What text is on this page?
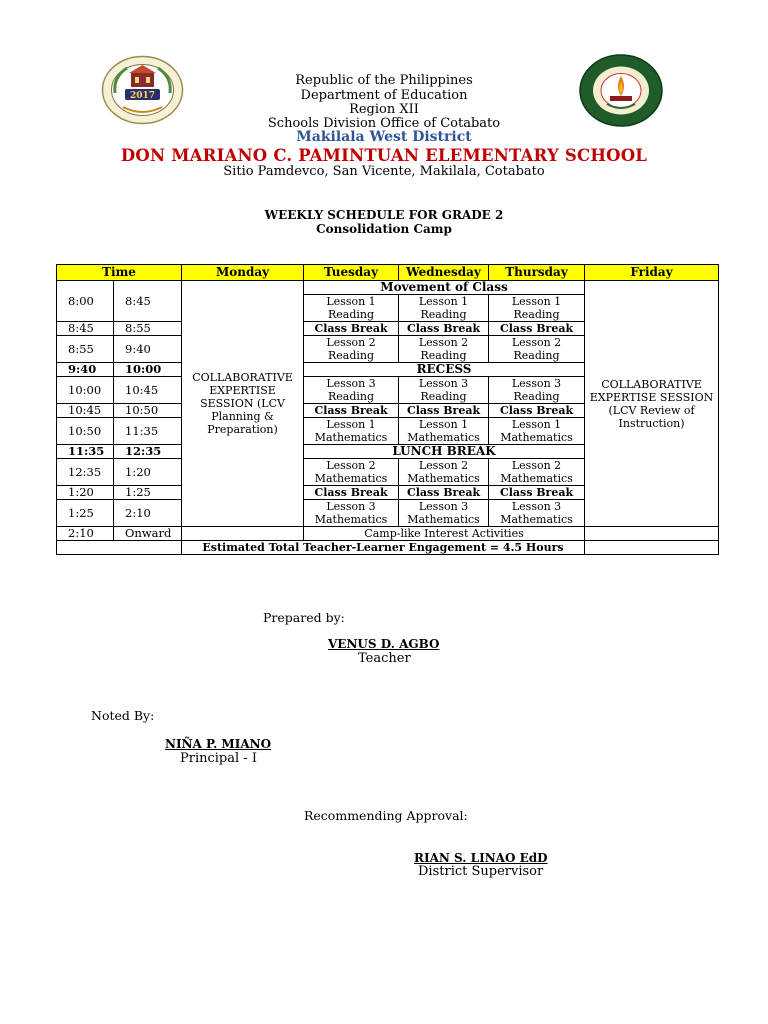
2017
Republic of the Philippines
Department of Education
Region XII
Schools Division Office of Cotabato
Makilala West District
DON MARIANO C. PAMINTUAN ELEMENTARY SCHOOL
Sitio Pamdevco, San Vicente, Makilala, Cotabato
WEEKLY SCHEDULE FOR GRADE 2
Consolidation Camp
Time		Monday	Tuesday	Wednesday	Thursday	Friday
8:00	8:45	COLLABORATIVE EXPERTISE SESSION (LCV Planning & Preparation)	Movement of Class			COLLABORATIVE EXPERTISE SESSION (LCV Review of Instruction)
			Lesson 1 Reading	Lesson 1 Reading	Lesson 1 Reading	
8:45	8:55		Class Break	Class Break	Class Break	
8:55	9:40		Lesson 2 Reading	Lesson 2 Reading	Lesson 2 Reading	
9:40	10:00		RECESS			
10:00	10:45		Lesson 3 Reading	Lesson 3 Reading	Lesson 3 Reading	
10:45	10:50		Class Break	Class Break	Class Break	
10:50	11:35		Lesson 1 Mathematics	Lesson 1 Mathematics	Lesson 1 Mathematics	
11:35	12:35		LUNCH BREAK			
12:35	1:20		Lesson 2 Mathematics	Lesson 2 Mathematics	Lesson 2 Mathematics	
1:20	1:25		Class Break	Class Break	Class Break	
1:25	2:10		Lesson 3 Mathematics	Lesson 3 Mathematics	Lesson 3 Mathematics	
2:10	Onward		Camp-like Interest Activities			
		Estimated Total Teacher-Learner Engagement = 4.5 Hours				
Prepared by:
VENUS D. AGBO
Teacher
Noted By:
NIÑA P. MIANO
Principal - I
Recommending Approval:
RIAN S. LINAO EdD
District Supervisor
